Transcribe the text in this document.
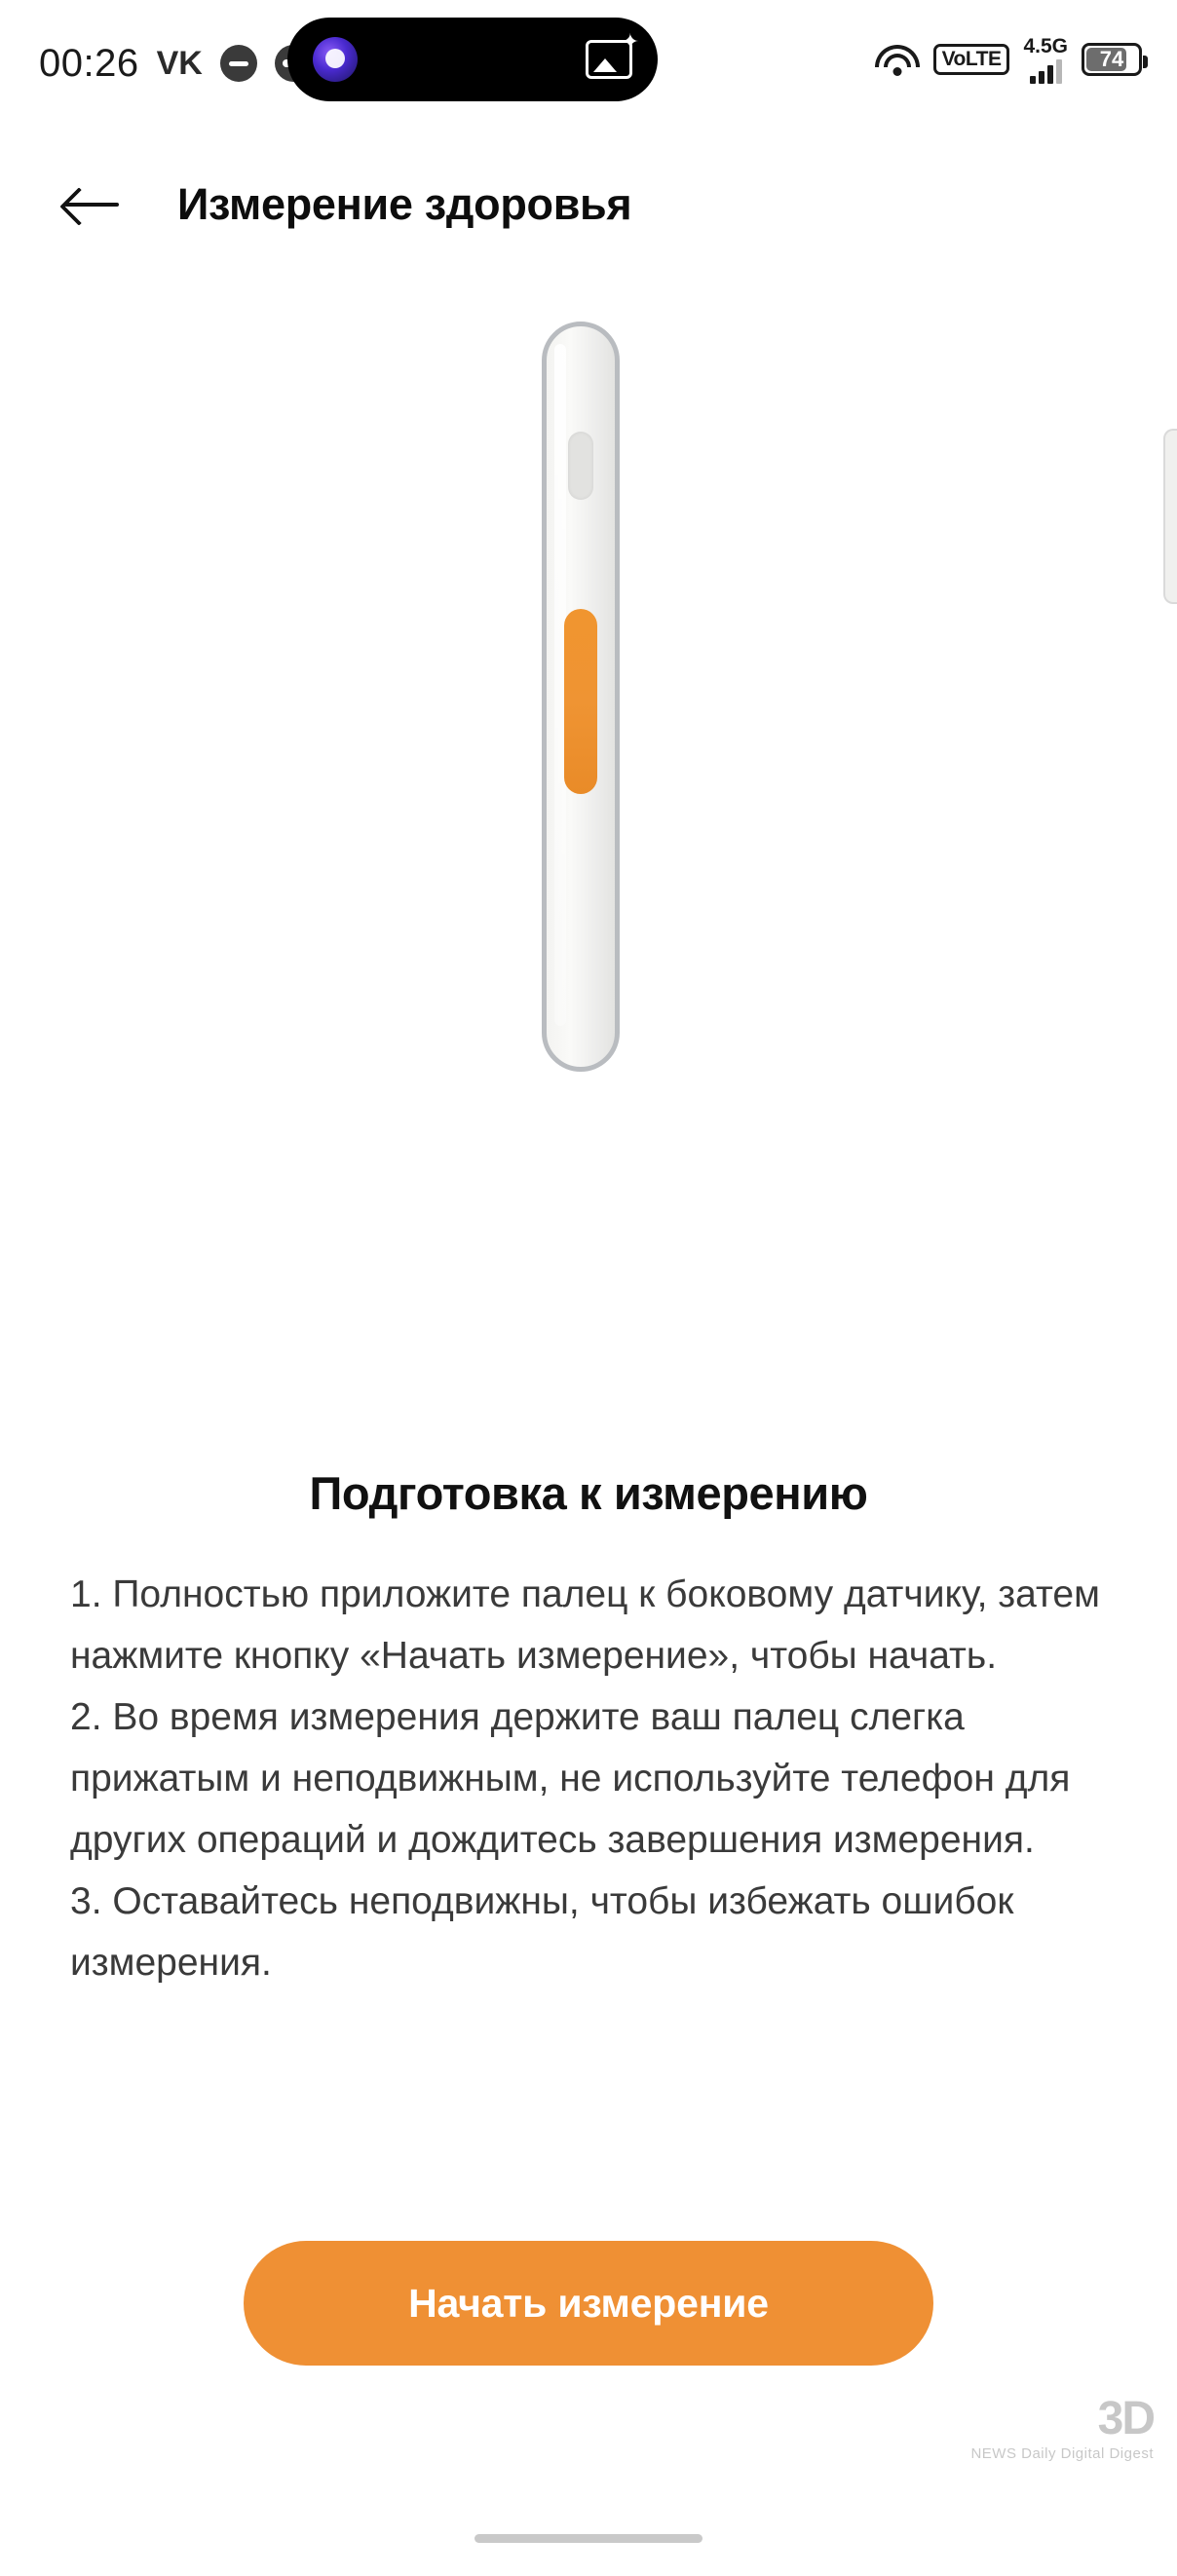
00:26 VK ✦	VoLTE
4.5G
74
Измерение здоровья
Подготовка к измерению

1. Полностью приложите палец к боковому датчику, затем нажмите кнопку «Начать измерение», чтобы начать.

2. Во время измерения держите ваш палец слегка прижатым и неподвижным, не используйте телефон для других операций и дождитесь завершения измерения.

3. Оставайтесь неподвижны, чтобы избежать ошибок измерения.

Начать измерение
3D
NEWS Daily Digital Digest
